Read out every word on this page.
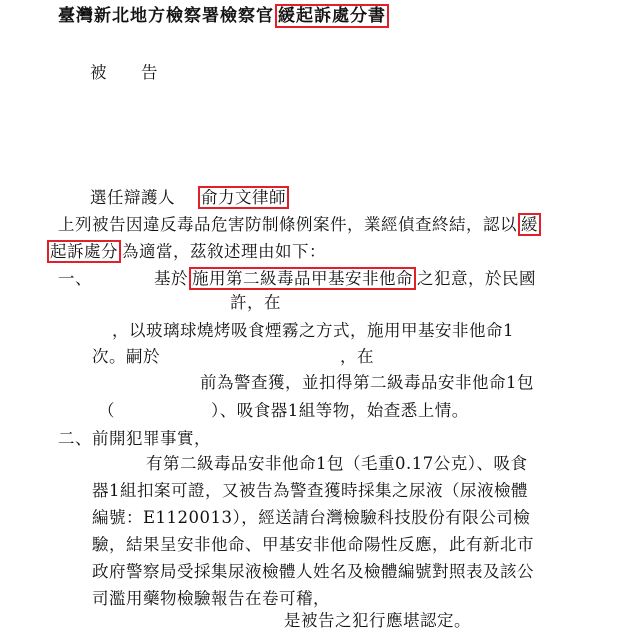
臺灣新北地方檢察署檢察官 緩起訴處分書
被　　告
選任辯護人 俞力文律師
上列被告因違反毒品危害防制條例案件，業經偵查終結，認以 緩
起訴處分 為適當，茲敘述理由如下：
一、	基於 施用第二級毒品甲基安非他命 之犯意，於民國
許，在
，以玻璃球燒烤吸食煙霧之方式，施用甲基安非他命1
次。嗣於	，在
前為警查獲，並扣得第二級毒品安非他命1包
（	）、吸食器1組等物，始查悉上情。
二、前開犯罪事實，
有第二級毒品安非他命1包（毛重0.17公克）、吸食
器1組扣案可證，又被告為警查獲時採集之尿液（尿液檢體
編號：E1120013），經送請台灣檢驗科技股份有限公司檢
驗，結果呈安非他命、甲基安非他命陽性反應，此有新北市
政府警察局受採集尿液檢體人姓名及檢體編號對照表及該公
司濫用藥物檢驗報告在卷可稽，
是被告之犯行應堪認定。
